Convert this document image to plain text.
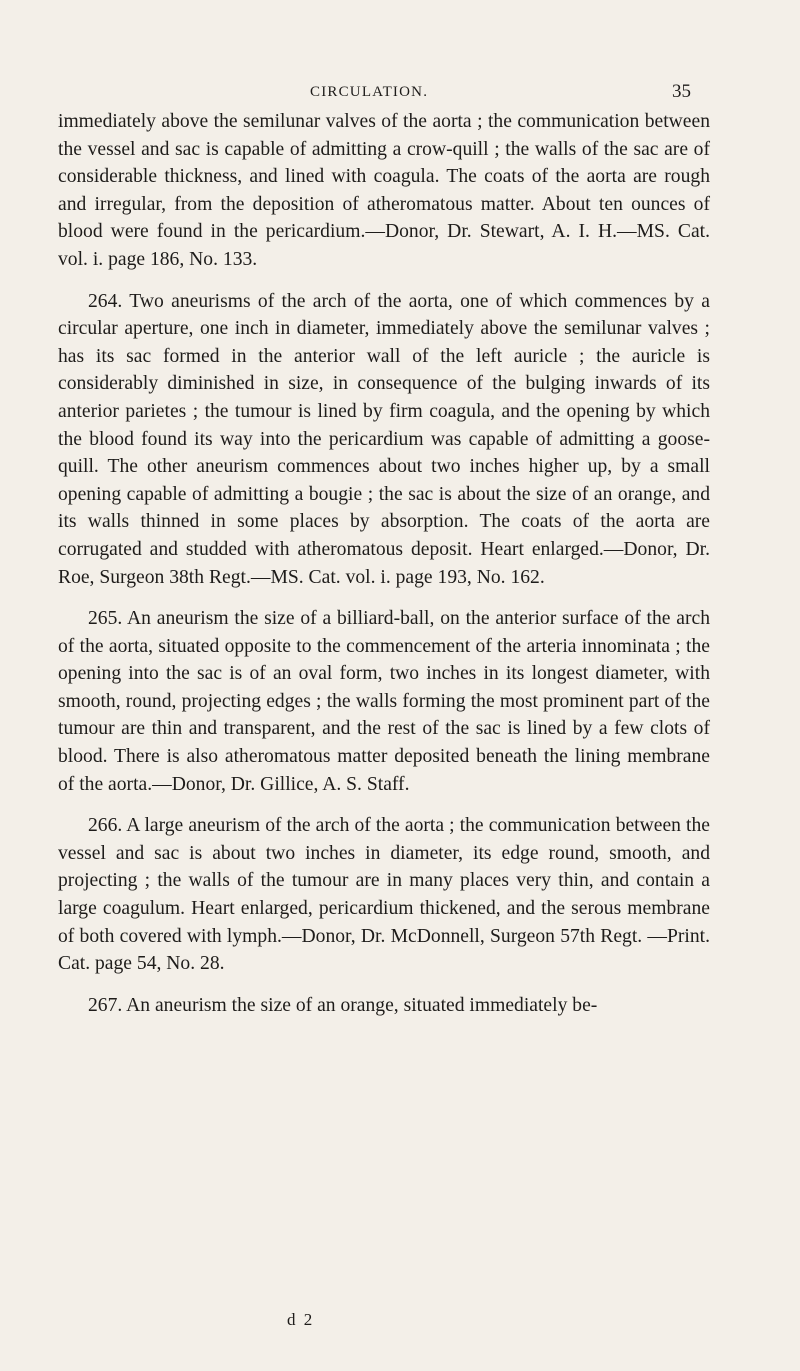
CIRCULATION.	35

immediately above the semilunar valves of the aorta ; the communication between the vessel and sac is capable of admitting a crow-quill ; the walls of the sac are of considerable thickness, and lined with coagula. The coats of the aorta are rough and irregular, from the deposition of atheromatous matter. About ten ounces of blood were found in the pericardium.—Donor, Dr. Stewart, A. I. H.—MS. Cat. vol. i. page 186, No. 133.

264. Two aneurisms of the arch of the aorta, one of which commences by a circular aperture, one inch in diameter, immediately above the semilunar valves ; has its sac formed in the anterior wall of the left auricle ; the auricle is considerably diminished in size, in consequence of the bulging inwards of its anterior parietes ; the tumour is lined by firm coagula, and the opening by which the blood found its way into the pericardium was capable of admitting a goose-quill. The other aneurism commences about two inches higher up, by a small opening capable of admitting a bougie ; the sac is about the size of an orange, and its walls thinned in some places by absorption. The coats of the aorta are corrugated and studded with atheromatous deposit. Heart enlarged.—Donor, Dr. Roe, Surgeon 38th Regt.—MS. Cat. vol. i. page 193, No. 162.

265. An aneurism the size of a billiard-ball, on the anterior surface of the arch of the aorta, situated opposite to the commencement of the arteria innominata ; the opening into the sac is of an oval form, two inches in its longest diameter, with smooth, round, projecting edges ; the walls forming the most prominent part of the tumour are thin and transparent, and the rest of the sac is lined by a few clots of blood. There is also atheromatous matter deposited beneath the lining membrane of the aorta.—Donor, Dr. Gillice, A. S. Staff.

266. A large aneurism of the arch of the aorta ; the communication between the vessel and sac is about two inches in diameter, its edge round, smooth, and projecting ; the walls of the tumour are in many places very thin, and contain a large coagulum. Heart enlarged, pericardium thickened, and the serous membrane of both covered with lymph.—Donor, Dr. McDonnell, Surgeon 57th Regt. —Print. Cat. page 54, No. 28.

267. An aneurism the size of an orange, situated immediately be-

d 2
